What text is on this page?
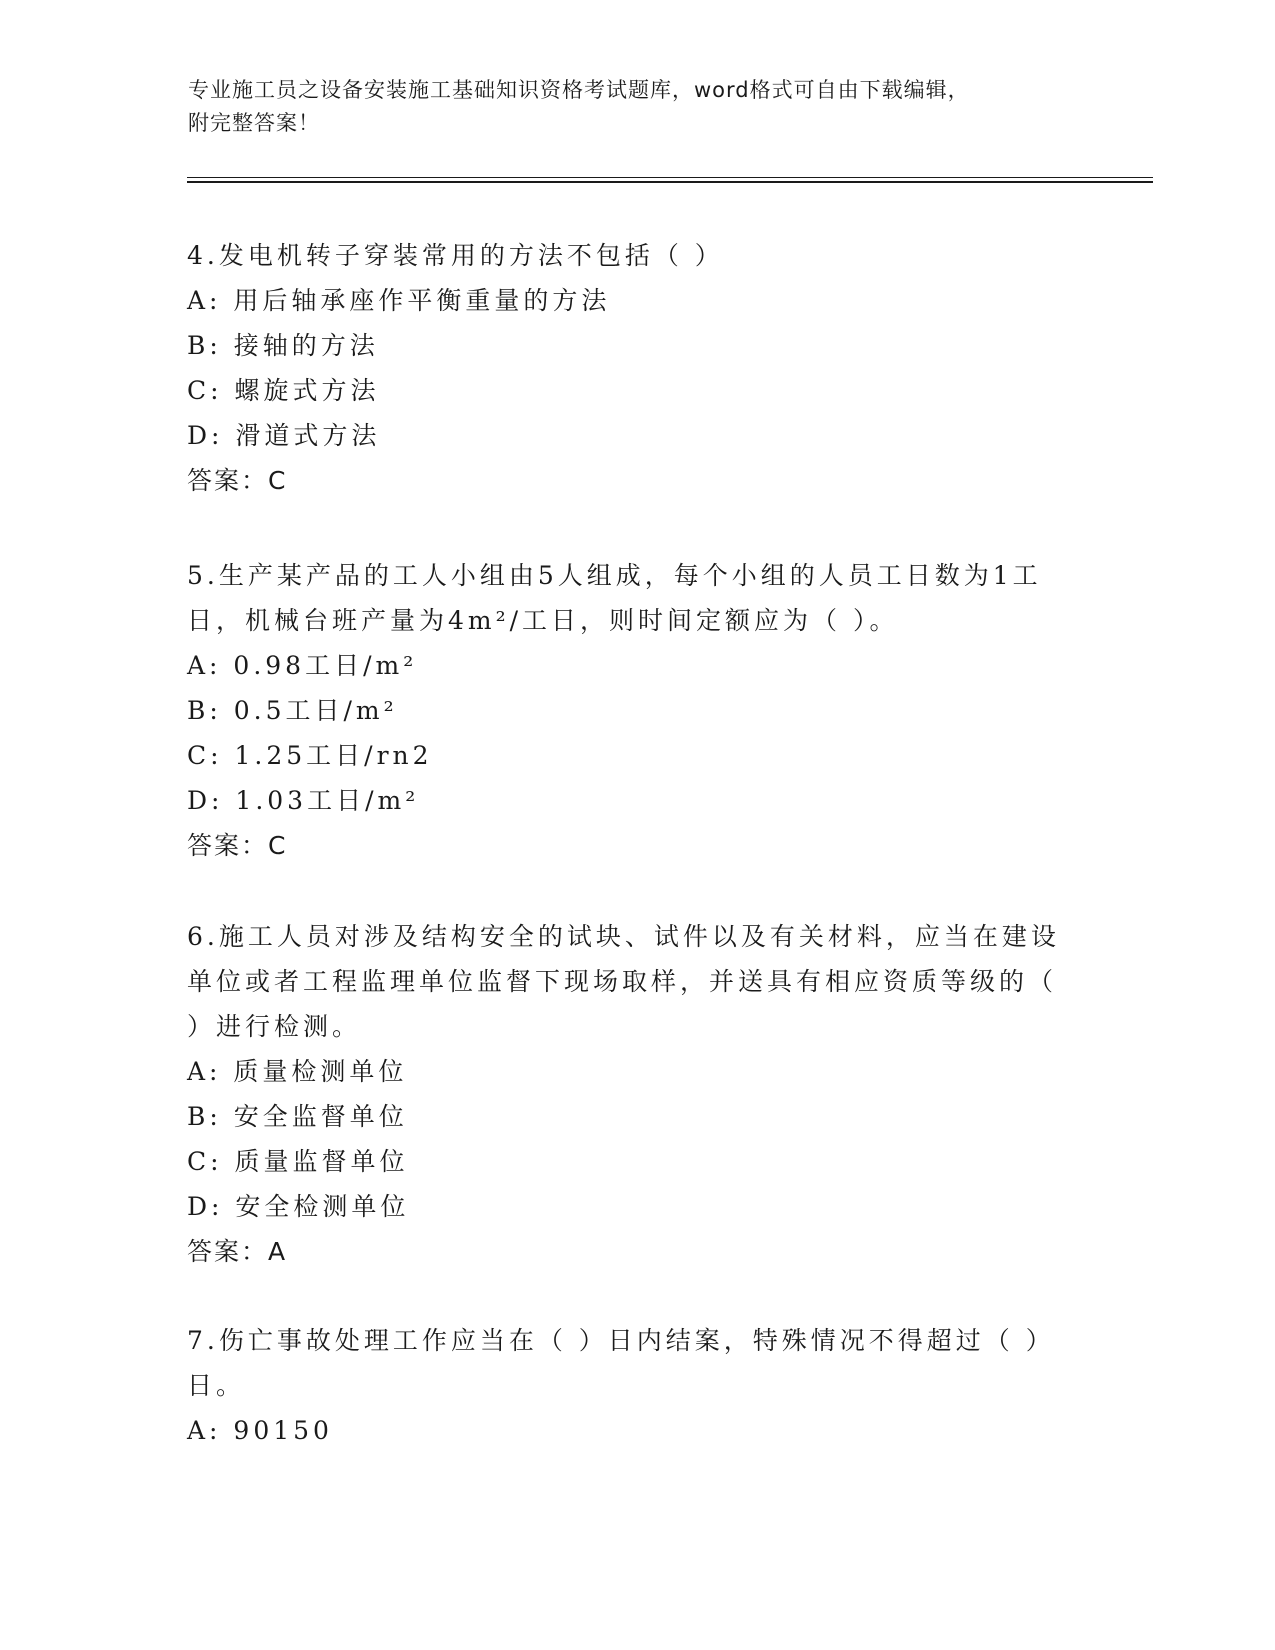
专业施工员之设备安装施工基础知识资格考试题库，word格式可自由下载编辑，
附完整答案！

4.发电机转子穿装常用的方法不包括（ ）

A: 用后轴承座作平衡重量的方法

B: 接轴的方法

C: 螺旋式方法

D: 滑道式方法

答案：C

5.生产某产品的工人小组由5人组成，每个小组的人员工日数为1工日，机械台班产量为4m²/工日，则时间定额应为（ ）。

A: 0.98工日/m²

B: 0.5工日/m²

C: 1.25工日/rn2

D: 1.03工日/m²

答案：C

6.施工人员对涉及结构安全的试块、试件以及有关材料，应当在建设单位或者工程监理单位监督下现场取样，并送具有相应资质等级的（ ）进行检测。

A: 质量检测单位

B: 安全监督单位

C: 质量监督单位

D: 安全检测单位

答案：A

7.伤亡事故处理工作应当在（ ）日内结案，特殊情况不得超过（ ）日。

A: 90150
